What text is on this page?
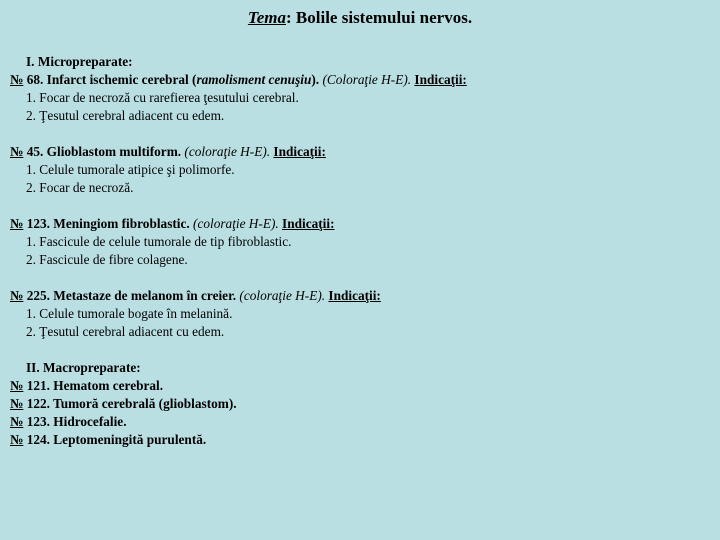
Tema: Bolile sistemului nervos.
I. Micropreparate:
№ 68. Infarct ischemic cerebral (ramolisment cenuşiu). (Coloraţie H-E). Indicaţii:
1. Focar de necroză cu rarefierea ţesutului cerebral.
2. Ţesutul cerebral adiacent cu edem.
№ 45. Glioblastom multiform. (coloraţie H-E). Indicaţii:
1. Celule tumorale atipice şi polimorfe.
2. Focar de necroză.
№ 123. Meningiom fibroblastic. (coloraţie H-E). Indicaţii:
1. Fascicule de celule tumorale de tip fibroblastic.
2. Fascicule de fibre colagene.
№ 225. Metastaze de melanom în creier. (coloraţie H-E). Indicaţii:
1. Celule tumorale bogate în melanină.
2. Ţesutul cerebral adiacent cu edem.
II. Macropreparate:
№ 121. Hematom cerebral.
№ 122. Tumoră cerebrală (glioblastom).
№ 123. Hidrocefalie.
№ 124. Leptomeningită purulentă.
